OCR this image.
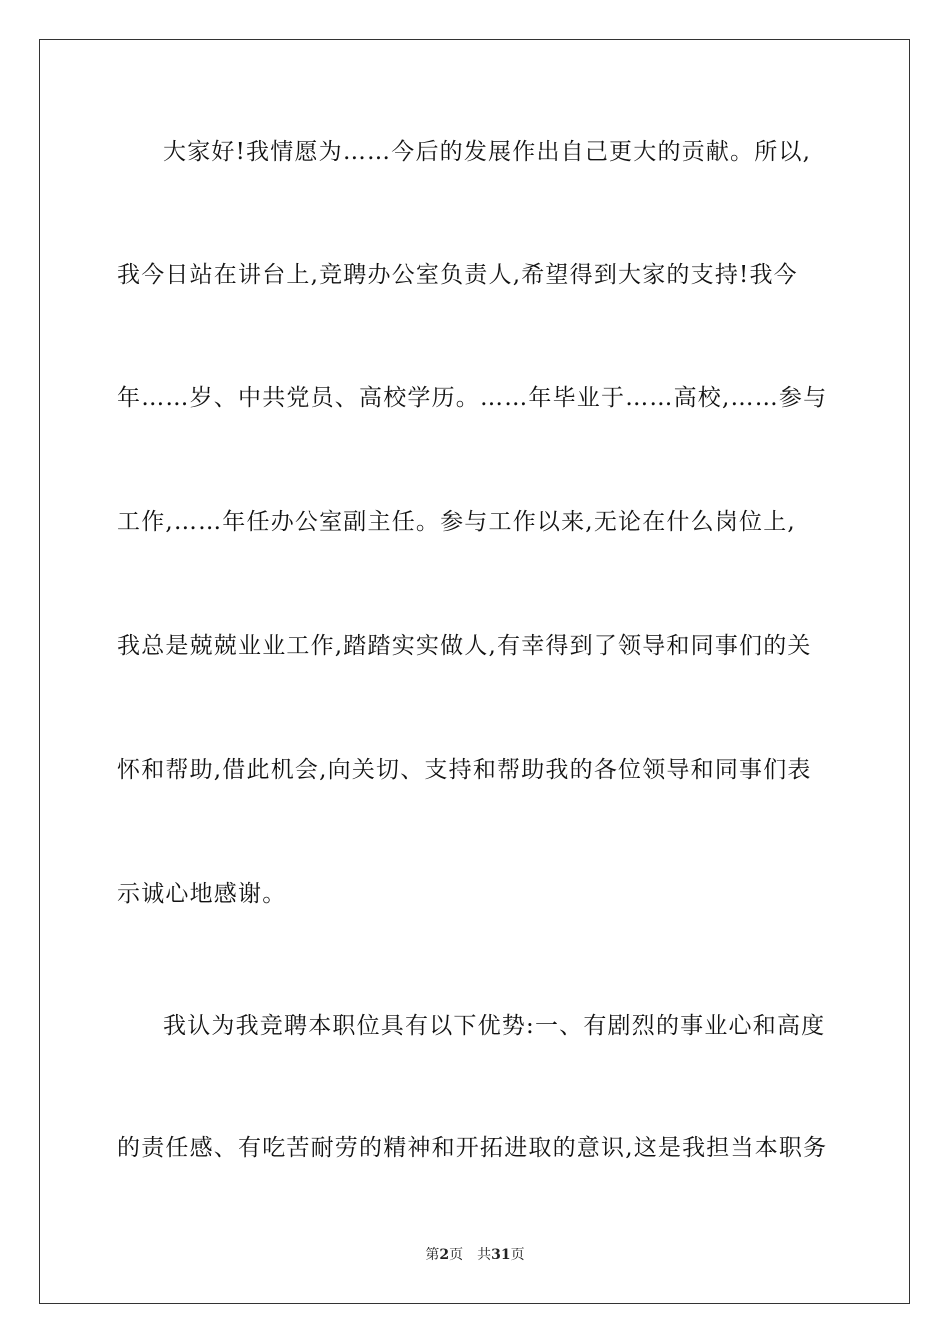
大家好!我情愿为……今后的发展作出自己更大的贡献。所以,
我今日站在讲台上,竞聘办公室负责人,希望得到大家的支持!我今
年……岁、中共党员、高校学历。……年毕业于……高校,……参与
工作,……年任办公室副主任。参与工作以来,无论在什么岗位上,
我总是兢兢业业工作,踏踏实实做人,有幸得到了领导和同事们的关
怀和帮助,借此机会,向关切、支持和帮助我的各位领导和同事们表
示诚心地感谢。
我认为我竞聘本职位具有以下优势:一、有剧烈的事业心和高度
的责任感、有吃苦耐劳的精神和开拓进取的意识,这是我担当本职务
第2页 共31页
